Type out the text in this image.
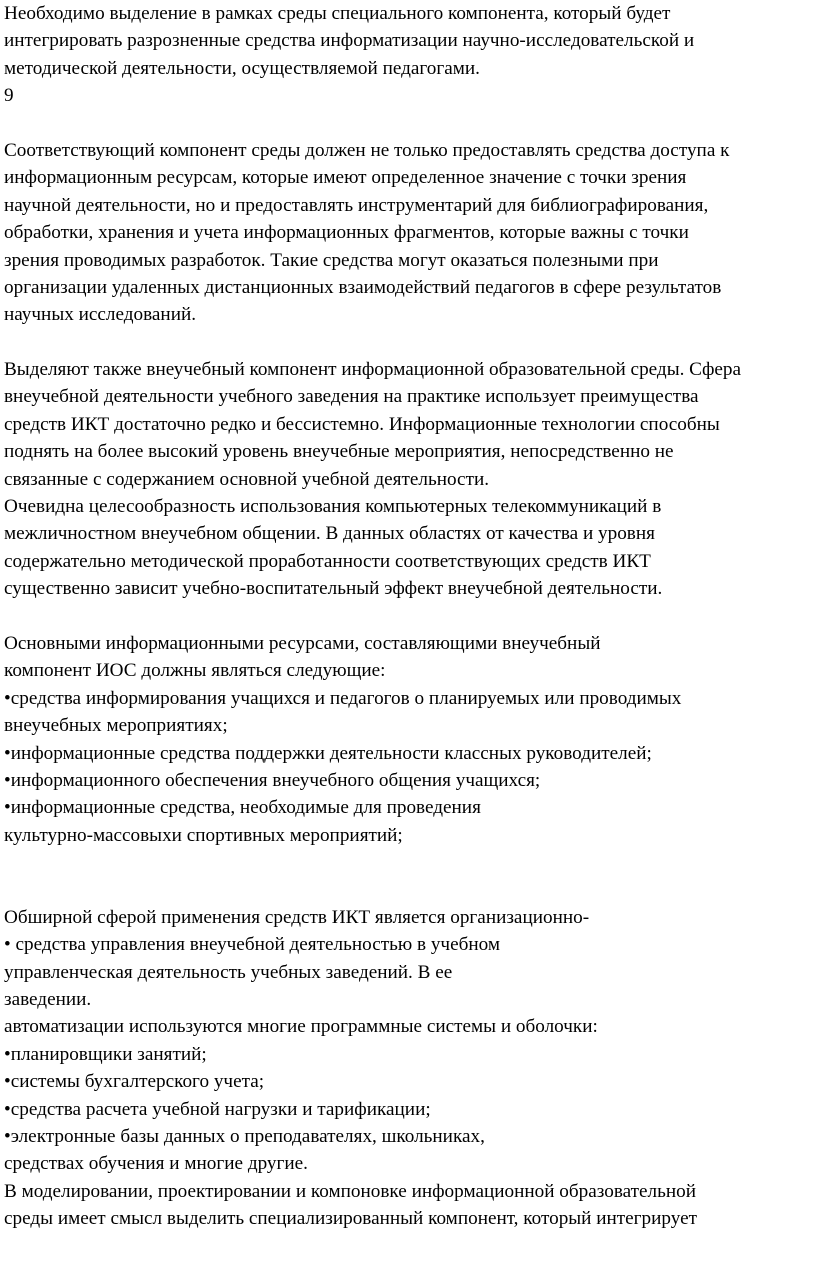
Необходимо выделение в рамках среды специального компонента, который будет
интегрировать разрозненные средства информатизации научно-исследовательской и
методической деятельности, осуществляемой педагогами.
9
Соответствующий компонент среды должен не только предоставлять средства доступа к
информационным ресурсам, которые имеют определенное значение с точки зрения
научной деятельности, но и предоставлять инструментарий для библиографирования,
обработки, хранения и учета информационных фрагментов, которые важны с точки
зрения проводимых разработок. Такие средства могут оказаться полезными при
организации удаленных дистанционных взаимодействий педагогов в сфере результатов
научных исследований.
Выделяют также внеучебный компонент информационной образовательной среды. Сфера
внеучебной деятельности учебного заведения на практике использует преимущества
средств ИКТ достаточно редко и бессистемно. Информационные технологии способны
поднять на более высокий уровень внеучебные мероприятия, непосредственно не
связанные с содержанием основной учебной деятельности.
Очевидна целесообразность использования компьютерных телекоммуникаций в
межличностном внеучебном общении. В данных областях от качества и уровня
содержательно методической проработанности соответствующих средств ИКТ
существенно зависит учебно-воспитательный эффект внеучебной деятельности.
Основными информационными ресурсами, составляющими внеучебный
компонент ИОС должны являться следующие:
•средства информирования учащихся и педагогов о планируемых или проводимых
внеучебных мероприятиях;
•информационные средства поддержки деятельности классных руководителей;
•информационного обеспечения внеучебного общения учащихся;
•информационные средства, необходимые для проведения
культурно-массовыхи спортивных мероприятий;
Обширной сферой применения средств ИКТ является организационно-
• средства управления внеучебной деятельностью в учебном
управленческая деятельность учебных заведений. В ее
заведении.
автоматизации используются многие программные системы и оболочки:
•планировщики занятий;
•системы бухгалтерского учета;
•средства расчета учебной нагрузки и тарификации;
•электронные базы данных о преподавателях, школьниках,
средствах обучения и многие другие.
В моделировании, проектировании и компоновке информационной образовательной
среды имеет смысл выделить специализированный компонент, который интегрирует
